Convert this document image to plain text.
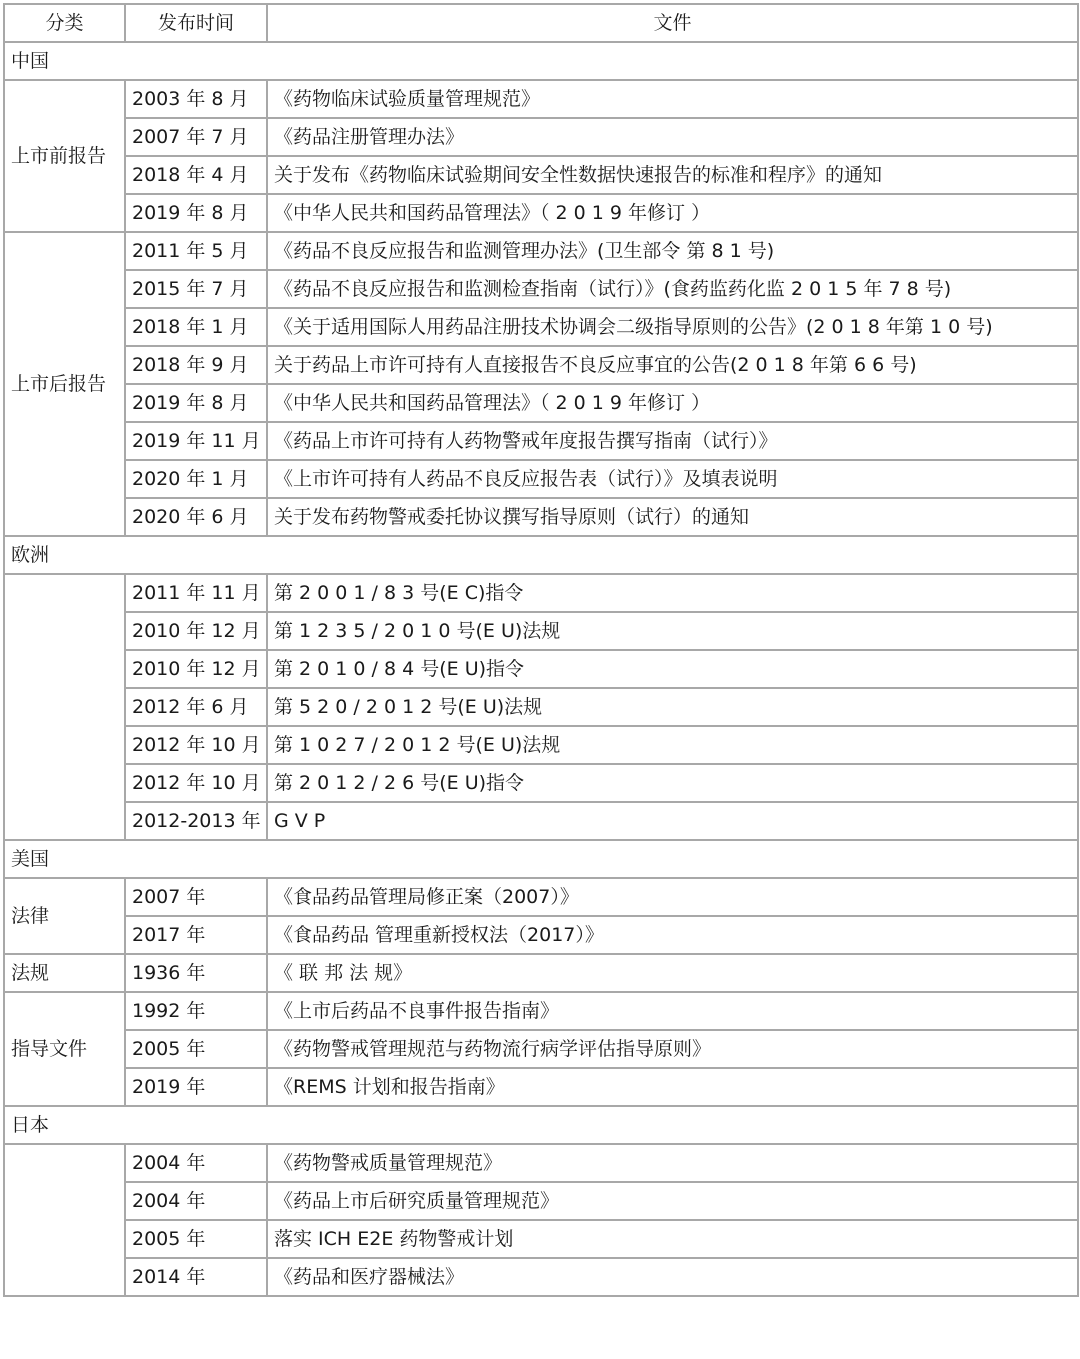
分类	发布时间	文件
中国		
上市前报告	2003 年 8 月	《药物临床试验质量管理规范》
	2007 年 7 月	《药品注册管理办法》
	2018 年 4 月	关于发布《药物临床试验期间安全性数据快速报告的标准和程序》的通知
	2019 年 8 月	《中华人民共和国药品管理法》（ 2 0 1 9 年修订 ）
上市后报告	2011 年 5 月	《药品不良反应报告和监测管理办法》(卫生部令 第 8 1 号)
	2015 年 7 月	《药品不良反应报告和监测检查指南（试行）》(食药监药化监 2 0 1 5 年 7 8 号)
	2018 年 1 月	《关于适用国际人用药品注册技术协调会二级指导原则的公告》(2 0 1 8 年第 1 0 号)
	2018 年 9 月	关于药品上市许可持有人直接报告不良反应事宜的公告(2 0 1 8 年第 6 6 号)
	2019 年 8 月	《中华人民共和国药品管理法》（ 2 0 1 9 年修订 ）
	2019 年 11 月	《药品上市许可持有人药物警戒年度报告撰写指南（试行）》
	2020 年 1 月	《上市许可持有人药品不良反应报告表（试行）》及填表说明
	2020 年 6 月	关于发布药物警戒委托协议撰写指导原则（试行）的通知
欧洲		
	2011 年 11 月	第 2 0 0 1 / 8 3 号(E C)指令
	2010 年 12 月	第 1 2 3 5 / 2 0 1 0 号(E U)法规
	2010 年 12 月	第 2 0 1 0 / 8 4 号(E U)指令
	2012 年 6 月	第 5 2 0 / 2 0 1 2 号(E U)法规
	2012 年 10 月	第 1 0 2 7 / 2 0 1 2 号(E U)法规
	2012 年 10 月	第 2 0 1 2 / 2 6 号(E U)指令
	2012-2013 年	G V P
美国		
法律	2007 年	《食品药品管理局修正案（2007）》
	2017 年	《食品药品 管理重新授权法（2017）》
法规	1936 年	《 联 邦 法 规》
指导文件	1992 年	《上市后药品不良事件报告指南》
	2005 年	《药物警戒管理规范与药物流行病学评估指导原则》
	2019 年	《REMS 计划和报告指南》
日本		
	2004 年	《药物警戒质量管理规范》
	2004 年	《药品上市后研究质量管理规范》
	2005 年	落实 ICH E2E 药物警戒计划
	2014 年	《药品和医疗器械法》
